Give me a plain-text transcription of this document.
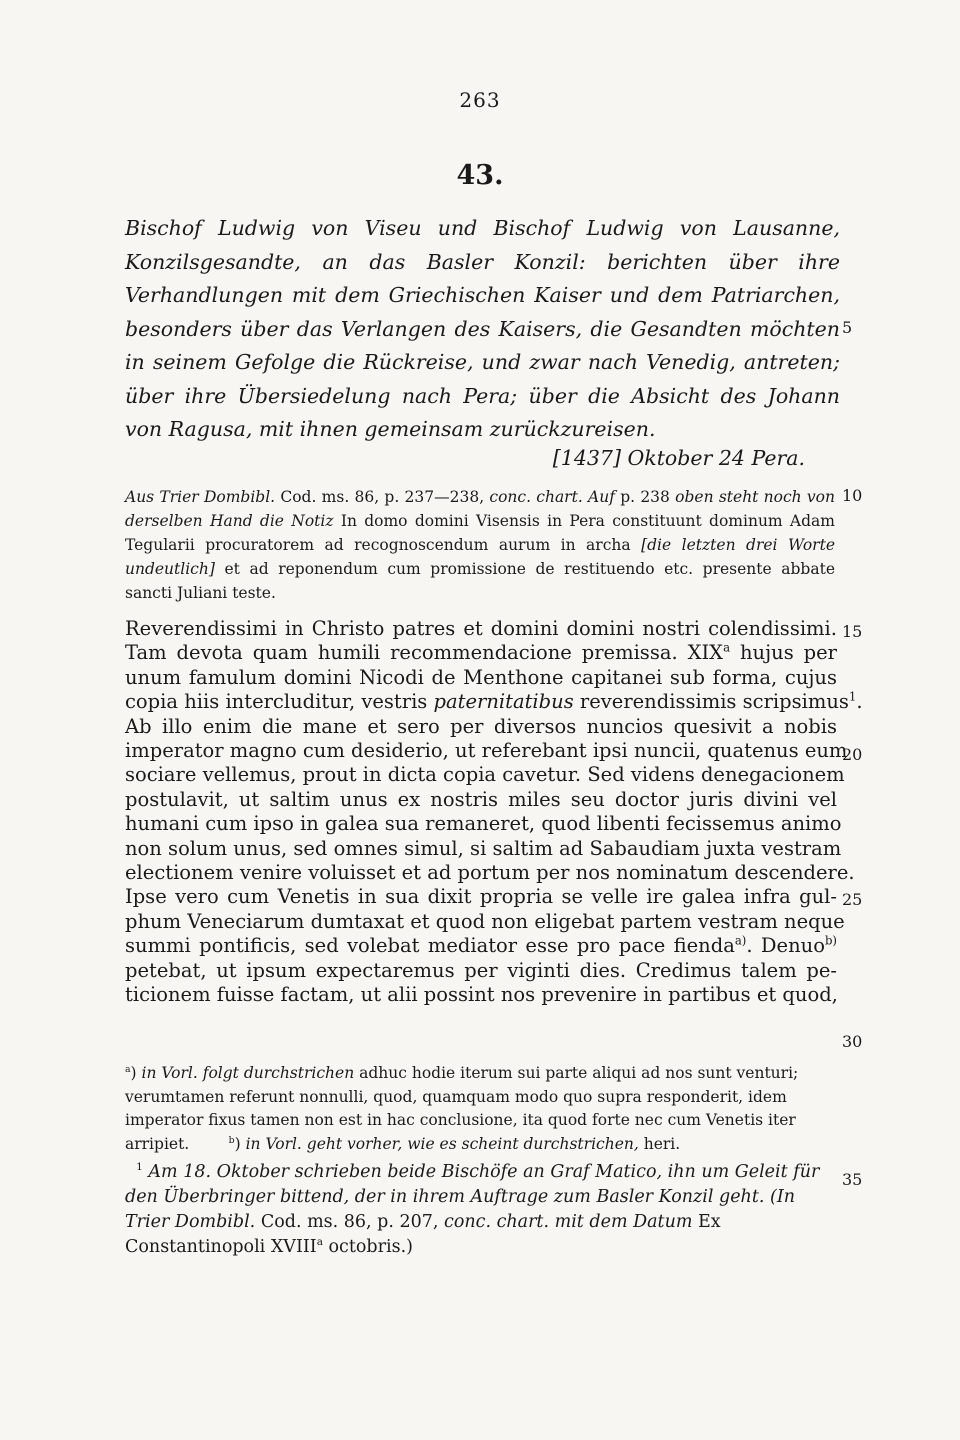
263
43.
Bischof Ludwig von Viseu und Bischof Ludwig von Lausanne, Konzilsgesandte, an das Basler Konzil: berichten über ihre Verhandlungen mit dem Griechischen Kaiser und dem Patriarchen, besonders über das Verlangen des Kaisers, die Gesandten möchten in seinem Gefolge die Rückreise, und zwar nach Venedig, antreten; über ihre Übersiedelung nach Pera; über die Absicht des Johann von Ragusa, mit ihnen gemeinsam zurückzureisen.
[1437] Oktober 24 Pera.
Aus Trier Dombibl. Cod. ms. 86, p. 237—238, conc. chart. Auf p. 238 oben steht noch von derselben Hand die Notiz In domo domini Visensis in Pera constituunt dominum Adam Tegularii procuratorem ad recognoscendum aurum in archa [die letzten drei Worte undeutlich] et ad reponendum cum promissione de restituendo etc. presente abbate sancti Juliani teste.
Reverendissimi in Christo patres et domini domini nostri colendissimi.
Tam devota quam humili recommendacione premissa. XIX$^a$ hujus per
unum famulum domini Nicodi de Menthone capitanei sub forma, cujus
copia hiis intercluditur, vestris paternitatibus reverendissimis scripsimus$^1$.
Ab illo enim die mane et sero per diversos nuncios quesivit a nobis
imperator magno cum desiderio, ut referebant ipsi nuncii, quatenus eum
sociare vellemus, prout in dicta copia cavetur. Sed videns denegacionem
postulavit, ut saltim unus ex nostris miles seu doctor juris divini vel
humani cum ipso in galea sua remaneret, quod libenti fecissemus animo
non solum unus, sed omnes simul, si saltim ad Sabaudiam juxta vestram
electionem venire voluisset et ad portum per nos nominatum descendere.
Ipse vero cum Venetis in sua dixit propria se velle ire galea infra gul-
phum Veneciarum dumtaxat et quod non eligebat partem vestram neque
summi pontificis, sed volebat mediator esse pro pace fienda$^{a)}$. Denuo$^{b)}$
petebat, ut ipsum expectaremus per viginti dies. Credimus talem pe-
ticionem fuisse factam, ut alii possint nos prevenire in partibus et quod,
$^a$) in Vorl. folgt durchstrichen adhuc hodie iterum sui parte aliqui ad nos sunt venturi; verumtamen referunt nonnulli, quod, quamquam modo quo supra responderit, idem imperator fixus tamen non est in hac conclusione, ita quod forte nec cum Venetis iter arripiet.	$^b$) in Vorl. geht vorher, wie es scheint durchstrichen, heri.
$^1$ Am 18. Oktober schrieben beide Bischöfe an Graf Matico, ihn um Geleit für den Überbringer bittend, der in ihrem Auftrage zum Basler Konzil geht. (In Trier Dombibl. Cod. ms. 86, p. 207, conc. chart. mit dem Datum Ex Constantinopoli XVIII$^a$ octobris.)
5
10
15
20
25
30
35
